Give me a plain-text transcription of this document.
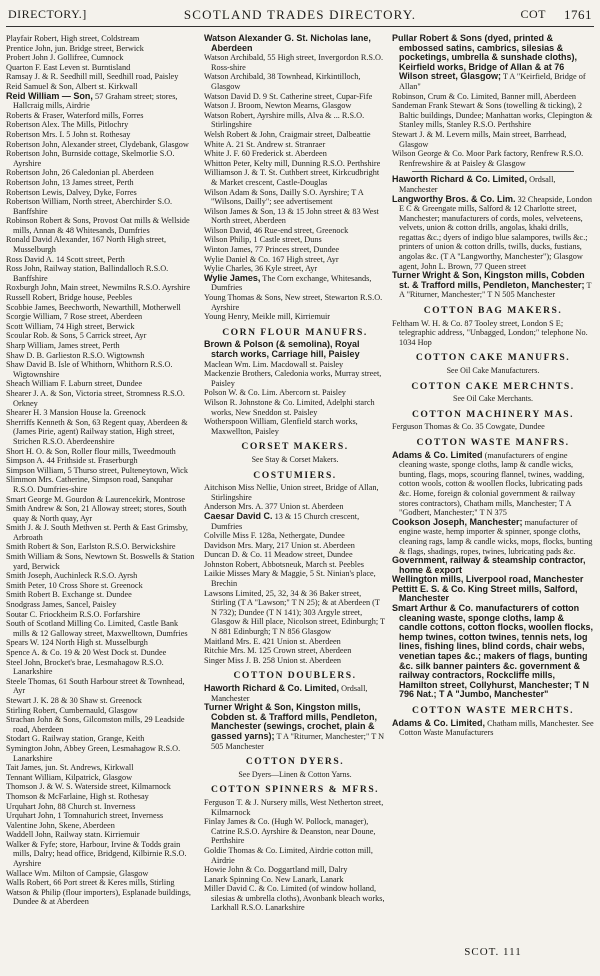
DIRECTORY.]	SCOTLAND TRADES DIRECTORY.	COT 1761

Playfair Robert, High street, Coldstream

Prentice John, jun. Bridge street, Berwick

Probert John J. Gollifree, Cumnock

Quarton F. East Leven st. Burntisland

Ramsay J. & R. Seedhill mill, Seedhill road, Paisley

Reid Samuel & Son, Albert st. Kirkwall

Reid William — Son, 57 Graham street; stores, Hallcraig mills, Airdrie

Roberts & Fraser, Waterford mills, Forres

Robertson Alex. The Mills, Pitlochry

Robertson Mrs. I. 5 John st. Rothesay

Robertson John, Alexander street, Clydebank, Glasgow

Robertson John, Burnside cottage, Skelmorlie S.O. Ayrshire

Robertson John, 26 Caledonian pl. Aberdeen

Robertson John, 13 James street, Perth

Robertson Lewis, Dalvey, Dyke, Forres

Robertson William, North street, Aberchirder S.O. Banffshire

Robinson Robert & Sons, Provost Oat mills & Wellside mills, Annan & 48 Whitesands, Dumfries

Ronald David Alexander, 167 North High street, Musselburgh

Ross David A. 14 Scott street, Perth

Ross John, Railway station, Ballindalloch R.S.O. Banffshire

Roxburgh John, Main street, Newmilns R.S.O. Ayrshire

Russell Robert, Bridge house, Peebles

Scobbie James, Beechworth, Newarthill, Motherwell

Scorgie William, 7 Rose street, Aberdeen

Scott William, 74 High street, Berwick

Scoular Rob. & Sons, 5 Carrick street, Ayr

Sharp William, James street, Perth

Shaw D. B. Garlieston R.S.O. Wigtownsh

Shaw David B. Isle of Whithorn, Whithorn R.S.O. Wigtownshire

Sheach William F. Laburn street, Dundee

Shearer J. A. & Son, Victoria street, Stromness R.S.O. Orkney

Shearer H. 3 Mansion House la. Greenock

Sherriffs Kenneth & Son, 63 Regent quay, Aberdeen & (James Pirie, agent) Railway station, High street, Strichen R.S.O. Aberdeenshire

Short H. O. & Son, Roller flour mills, Tweedmouth

Simpson A. 44 Frithside st. Fraserburgh

Simpson William, 5 Thurso street, Pulteneytown, Wick

Slimmon Mrs. Catherine, Simpson road, Sanquhar R.S.O. Dumfries-shire

Smart George M. Gourdon & Laurencekirk, Montrose

Smith Andrew & Son, 21 Alloway street; stores, South quay & North quay, Ayr

Smith J. & J. South Methven st. Perth & East Grimsby, Arbroath

Smith Robert & Son, Earlston R.S.O. Berwickshire

Smith William & Sons, Newtown St. Boswells & Station yard, Berwick

Smith Joseph, Auchinleck R.S.O. Ayrsh

Smith Peter, 10 Cross Shore st. Greenock

Smith Robert B. Exchange st. Dundee

Snodgrass James, Sancel, Paisley

Soutar C. Friockheim R.S.O. Forfarshire

South of Scotland Milling Co. Limited, Castle Bank mills & 12 Galloway street, Maxwelltown, Dumfries

Spears W. 124 North High st. Musselburgh

Spence A. & Co. 19 & 20 West Dock st. Dundee

Steel John, Brocket's brae, Lesmahagow R.S.O. Lanarkshire

Steele Thomas, 61 South Harbour street & Townhead, Ayr

Stewart J. K. 28 & 30 Shaw st. Greenock

Stirling Robert, Cumbernauld, Glasgow

Strachan John & Sons, Gilcomston mills, 29 Leadside road, Aberdeen

Stodart G. Railway station, Grange, Keith

Symington John, Abbey Green, Lesmahagow R.S.O. Lanarkshire

Tait James, jun. St. Andrews, Kirkwall

Tennant William, Kilpatrick, Glasgow

Thomson J. & W. S. Waterside street, Kilmarnock

Thomson & McFarlaine, High st. Rothesay

Urquhart John, 88 Church st. Inverness

Urquhart John, 1 Tomnahurich street, Inverness

Valentine John, Skene, Aberdeen

Waddell John, Railway statn. Kirriemuir

Walker & Fyfe; store, Harbour, Irvine & Todds grain mills, Dalry; head office, Bridgend, Kilbirnie R.S.O. Ayrshire

Wallace Wm. Milton of Campsie, Glasgow

Walls Robert, 66 Port street & Keres mills, Stirling

Watson & Philip (flour importers), Esplanade buildings, Dundee & at Aberdeen

Watson Alexander G. St. Nicholas lane, Aberdeen

Watson Archibald, 55 High street, Invergordon R.S.O. Ross-shire

Watson Archibald, 38 Townhead, Kirkintilloch, Glasgow

Watson David D. 9 St. Catherine street, Cupar-Fife

Watson J. Broom, Newton Mearns, Glasgow

Watson Robert, Ayrshire mills, Alva & ... R.S.O. Stirlingshire

Welsh Robert & John, Craigmair street, Dalbeattie

White A. 21 St. Andrew st. Stranraer

White J. F. 60 Frederick st. Aberdeen

Whitton Peter, Kelty mill, Dunning R.S.O. Perthshire

Williamson J. & T. St. Cuthbert street, Kirkcudbright & Market crescent, Castle-Douglas

Wilson Adam & Sons, Dailly S.O. Ayrshire; T A "Wilsons, Dailly"; see advertisement

Wilson James & Son, 13 & 15 John street & 83 West North street, Aberdeen

Wilson David, 46 Rue-end street, Greenock

Wilson Philip, 1 Castle street, Duns

Winton James, 77 Princes street, Dundee

Wylie Daniel & Co. 167 High street, Ayr

Wylie Charles, 36 Kyle street, Ayr

Wylie James, The Corn exchange, Whitesands, Dumfries

Young Thomas & Sons, New street, Stewarton R.S.O. Ayrshire

Young Henry, Meikle mill, Kirriemuir

CORN FLOUR MANUFRS.

Brown & Polson (& semolina), Royal starch works, Carriage hill, Paisley

Maclean Wm. Lim. Macdowall st. Paisley

Mackenzie Brothers, Caledonia works, Murray street, Paisley

Polson W. & Co. Lim. Abercorn st. Paisley

Wilson R. Johnstone & Co. Limited, Adelphi starch works, New Sneddon st. Paisley

Wotherspoon William, Glenfield starch works, Maxwellton, Paisley

CORSET MAKERS.
See Stay & Corset Makers.
COSTUMIERS.

Aitchison Miss Nellie, Union street, Bridge of Allan, Stirlingshire

Anderson Mrs. A. 377 Union st. Aberdeen

Caesar David C. 13 & 15 Church crescent, Dumfries

Colville Miss F. 128a, Nethergate, Dundee

Davidson Mrs. Mary, 217 Union st. Aberdeen

Duncan D. & Co. 11 Meadow street, Dundee

Johnston Robert, Abbotsneuk, March st. Peebles

Laikie Misses Mary & Maggie, 5 St. Ninian's place, Brechin

Lawsons Limited, 25, 32, 34 & 36 Baker street, Stirling (T A "Lawson;" T N 25); & at Aberdeen (T N 732); Dundee (T N 141); 303 Argyle street, Glasgow & Hill place, Nicolson street, Edinburgh; T N 881 Edinburgh; T N 856 Glasgow

Maitland Mrs. E. 421 Union st. Aberdeen

Ritchie Mrs. M. 125 Crown street, Aberdeen

Singer Miss J. B. 258 Union st. Aberdeen

COTTON DOUBLERS.

Haworth Richard & Co. Limited, Ordsall, Manchester

Turner Wright & Son, Kingston mills, Cobden st. & Trafford mills, Pendleton, Manchester (sewings, crochet, plain & gassed yarns); T A "Riturner, Manchester;" T N 505 Manchester

COTTON DYERS.
See Dyers—Linen & Cotton Yarns.
COTTON SPINNERS & MFRS.

Ferguson T. & J. Nursery mills, West Netherton street, Kilmarnock

Finlay James & Co. (Hugh W. Pollock, manager), Catrine R.S.O. Ayrshire & Deanston, near Doune, Perthshire

Goldie Thomas & Co. Limited, Airdrie cotton mill, Airdrie

Howie John & Co. Doggartland mill, Dalry

Lanark Spinning Co. New Lanark, Lanark

Miller David C. & Co. Limited (of window holland, silesias & umbrella cloths), Avonbank bleach works, Larkhall R.S.O. Lanarkshire

Pullar Robert & Sons (dyed, printed & embossed satins, cambrics, silesias & pocketings, umbrella & sunshade cloths), Keirfield works, Bridge of Allan & at 76 Wilson street, Glasgow; T A "Keirfield, Bridge of Allan"

Robinson, Crum & Co. Limited, Banner mill, Aberdeen

Sandeman Frank Stewart & Sons (towelling & ticking), 2 Baltic buildings, Dundee; Manhattan works, Clepington & Stanley mills, Stanley R.S.O. Perthshire

Stewart J. & M. Levern mills, Main street, Barrhead, Glasgow

Wilson George & Co. Moor Park factory, Renfrew R.S.O. Renfrewshire & at Paisley & Glasgow

Haworth Richard & Co. Limited, Ordsall, Manchester

Langworthy Bros. & Co. Lim. 32 Cheapside, London E C & Greengate mills, Salford & 12 Charlotte street, Manchester; manufacturers of cords, moles, velveteens, velvets, union & cotton drills, angolas, khaki drills, regattas &c.; dyers of indigo blue salampores, twills &c.; printers of union & cotton drills, twills, ducks, fustians, angolas &c. (T A "Langworthy, Manchester"); Glasgow agent, John L. Brown, 77 Queen street

Turner Wright & Son, Kingston mills, Cobden st. & Trafford mills, Pendleton, Manchester; T A "Riturner, Manchester;" T N 505 Manchester

COTTON BAG MAKERS.

Feltham W. H. & Co. 87 Tooley street, London S E; telegraphic address, "Unbagged, London;" telephone No. 1034 Hop

COTTON CAKE MANUFRS.
See Oil Cake Manufacturers.
COTTON CAKE MERCHNTS.
See Oil Cake Merchants.
COTTON MACHINERY MAS.

Ferguson Thomas & Co. 35 Cowgate, Dundee

COTTON WASTE MANFRS.

Adams & Co. Limited (manufacturers of engine cleaning waste, sponge cloths, lamp & candle wicks, bunting, flags, mops, scouring flannel, twines, wadding, cotton wools, cotton & woollen flocks, lubricating pads &c. Home, foreign & colonial government & railway stores contractors), Chatham mills, Manchester; T A "Godbert, Manchester;" T N 375

Cookson Joseph, Manchester; manufacturer of engine waste, hemp importer & spinner, sponge cloths, cleaning rags, lamp & candle wicks, mops, flocks, bunting & flags, shadings, ropes, twines, lubricating pads &c.

Government, railway & steamship contractor, home & export

Wellington mills, Liverpool road, Manchester

Pettitt E. S. & Co. King Street mills, Salford, Manchester

Smart Arthur & Co. manufacturers of cotton cleaning waste, sponge cloths, lamp & candle cottons, cotton flocks, woollen flocks, hemp twines, cotton twines, tennis nets, log lines, fishing lines, blind cords, chair webs, venetian tapes &c.; makers of flags, bunting &c. silk banner painters &c. government & railway contractors, Rockcliffe mills, Hamilton street, Collyhurst, Manchester; T N 796 Nat.; T A "Jumbo, Manchester"

COTTON WASTE MERCHTS.

Adams & Co. Limited, Chatham mills, Manchester. See Cotton Waste Manufacturers

SCOT. 111
